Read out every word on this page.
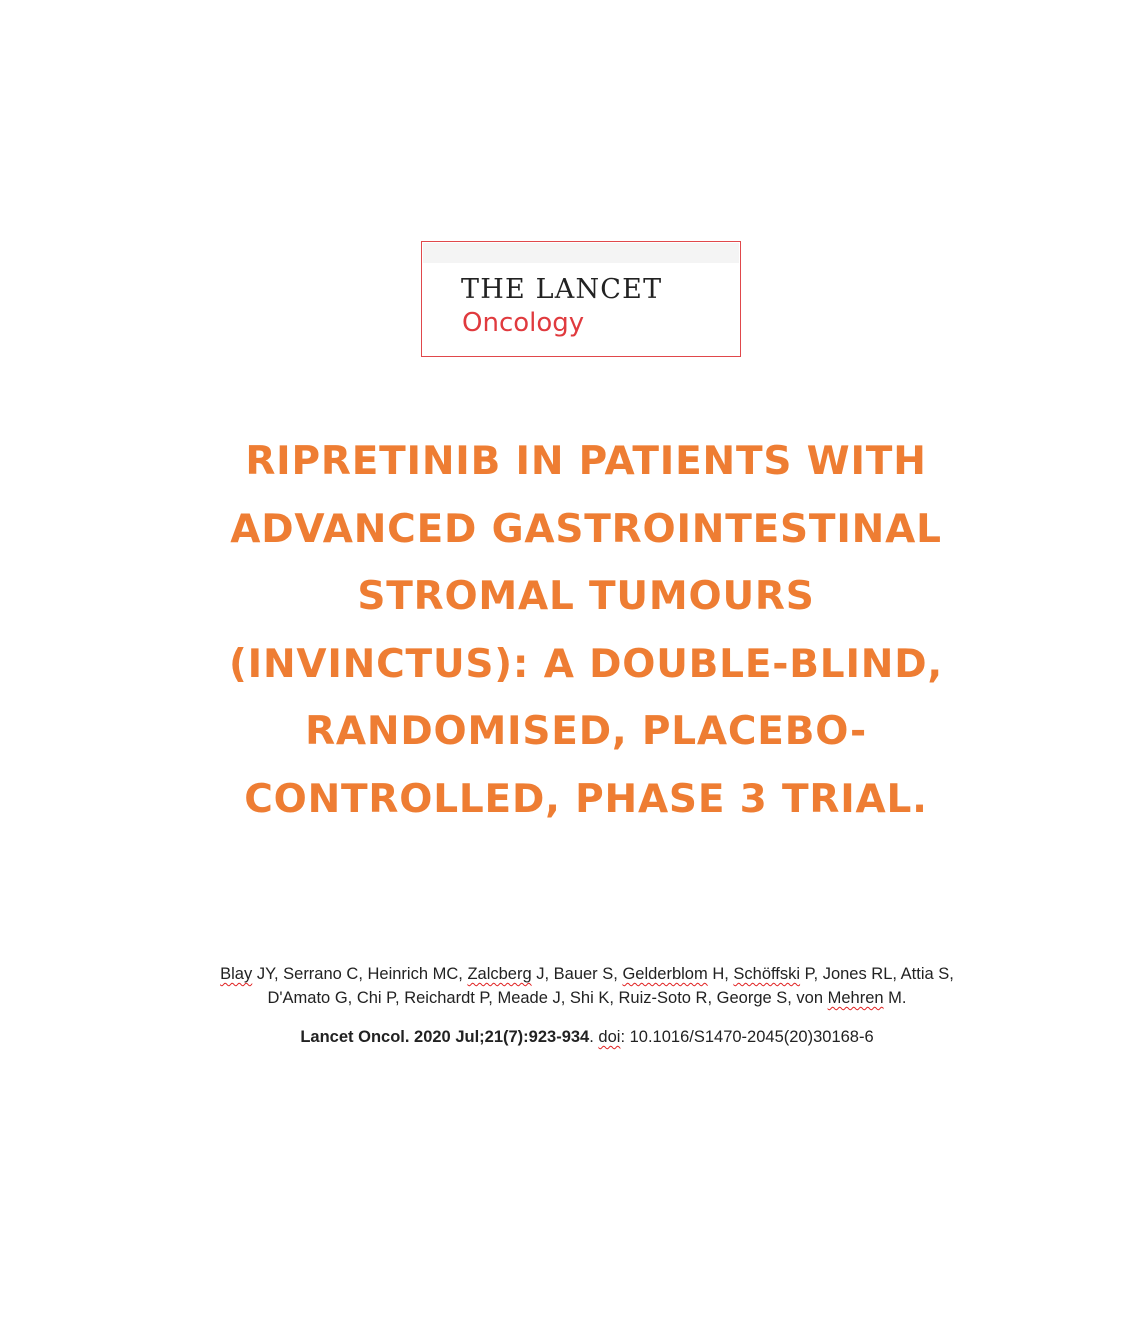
THE LANCET
Oncology
RIPRETINIB IN PATIENTS WITH
ADVANCED GASTROINTESTINAL
STROMAL TUMOURS
(INVINCTUS): A DOUBLE-BLIND,
RANDOMISED, PLACEBO-
CONTROLLED, PHASE 3 TRIAL.

Blay JY, Serrano C, Heinrich MC, Zalcberg J, Bauer S, Gelderblom H, Schöffski P, Jones RL, Attia S, D'Amato G, Chi P, Reichardt P, Meade J, Shi K, Ruiz-Soto R, George S, von Mehren M.

Lancet Oncol. 2020 Jul;21(7):923-934. doi: 10.1016/S1470-2045(20)30168-6
